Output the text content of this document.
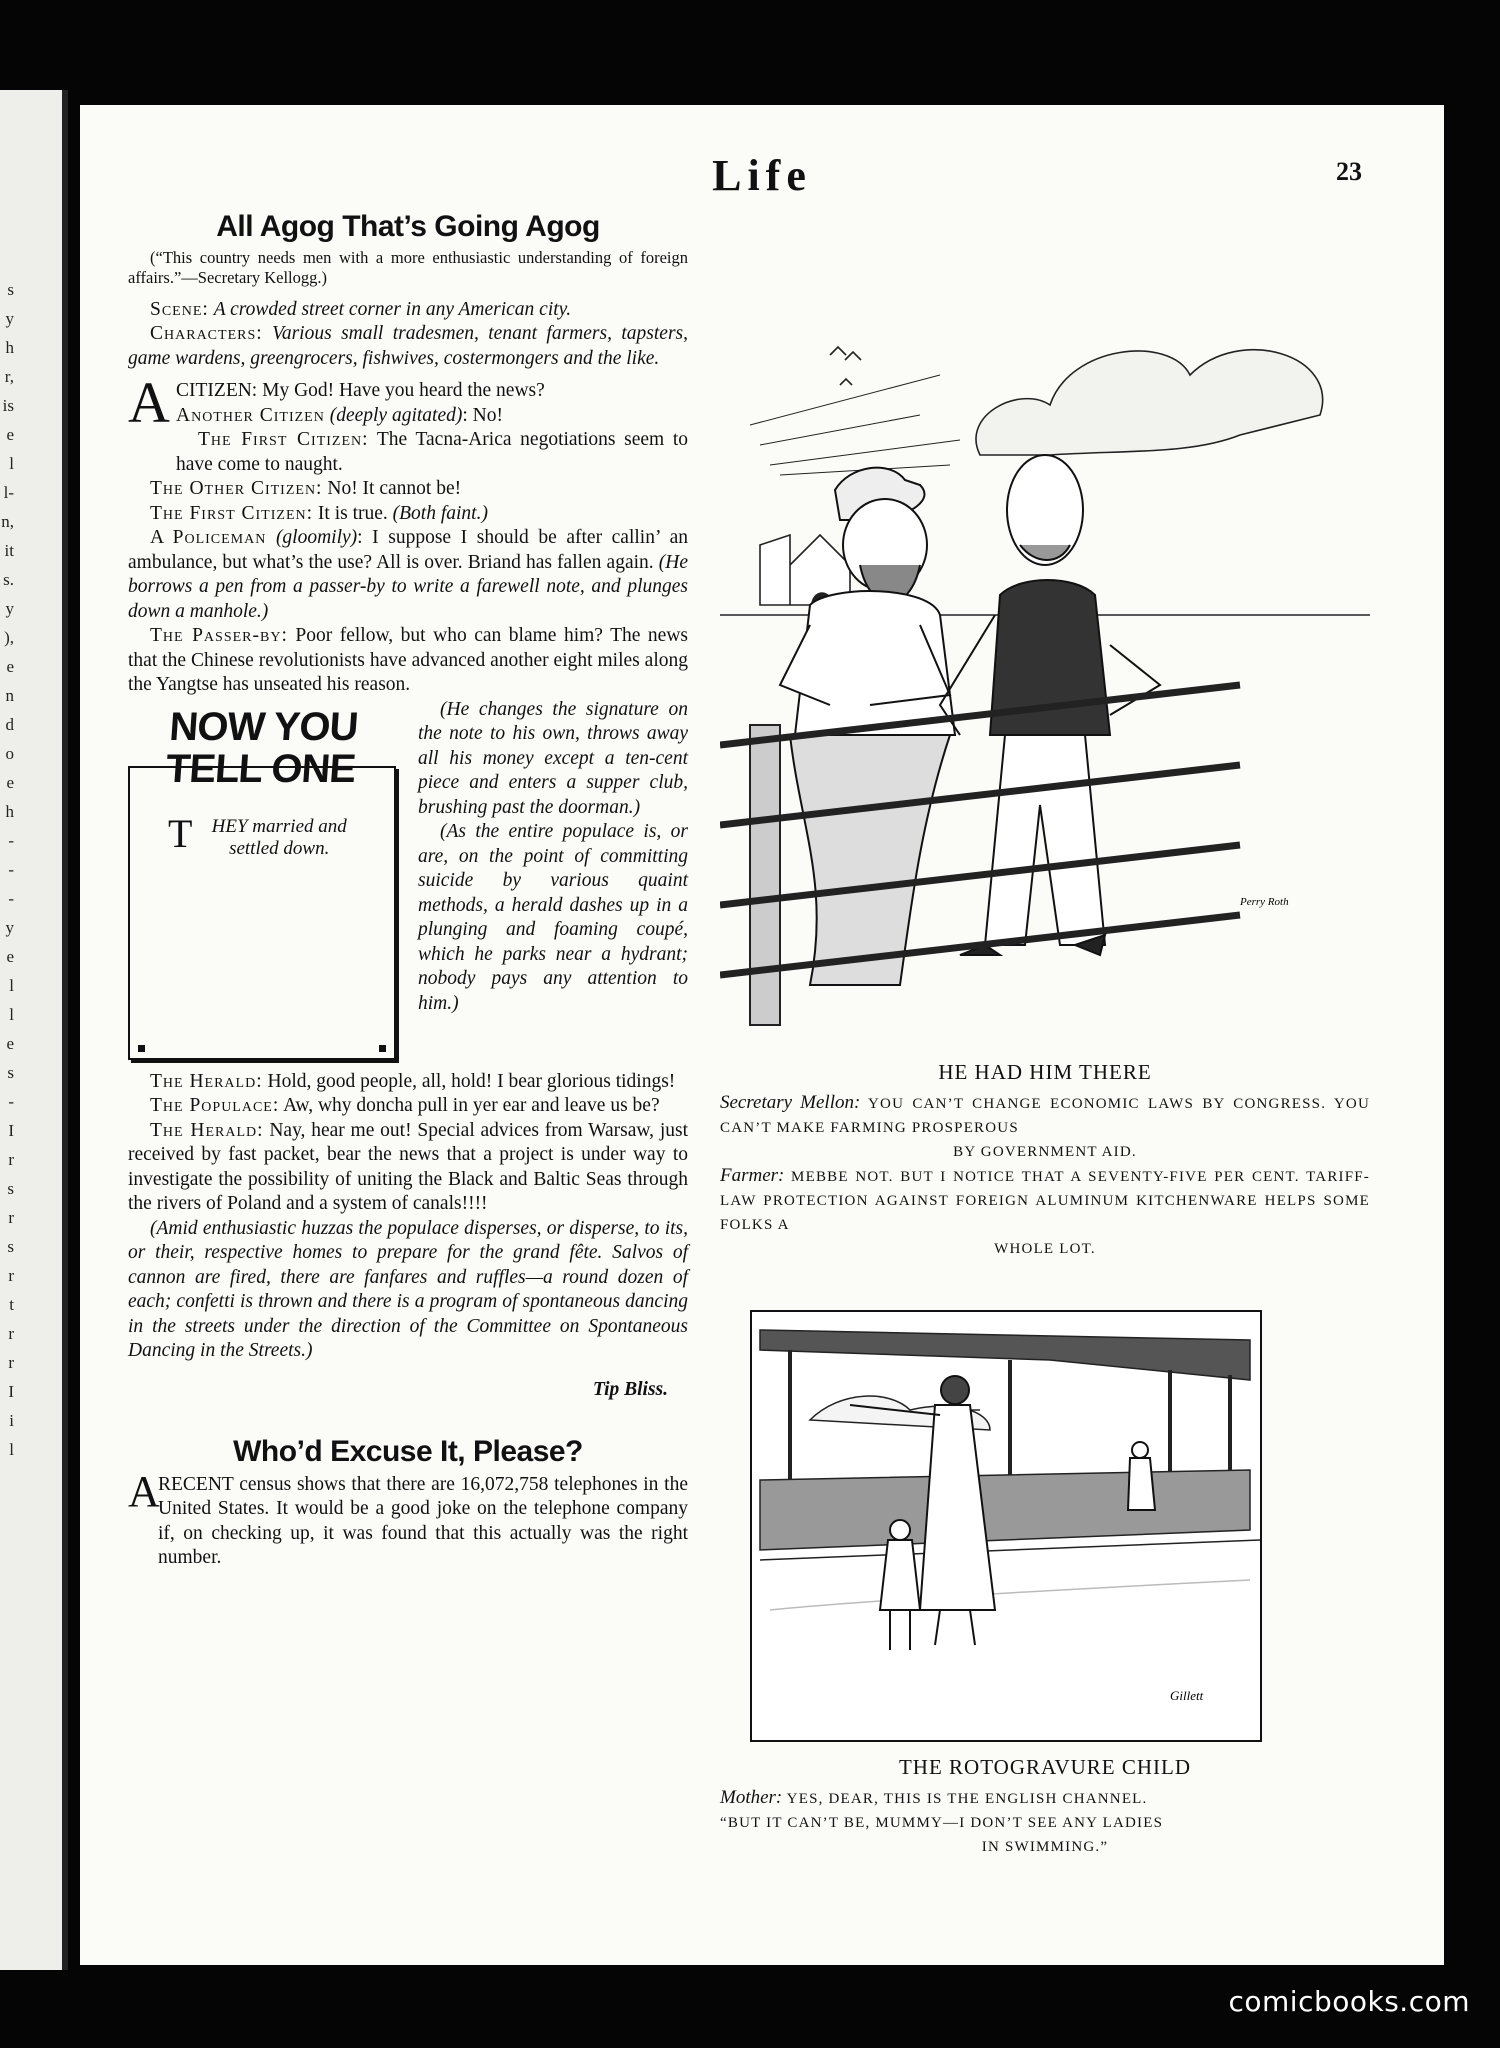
s
y
h
r,
is
e
l
l-
n,
it
s.
y
),
e
n
d
o
e
h
-
-
-
y
e
l
l
e
s
-
I
r
s
r
s
r
t
r
r
I
i
l
Life	23

All Agog That’s Going Agog

(“This country needs men with a more enthusiastic understanding of foreign affairs.”—Secretary Kellogg.)

Scene: A crowded street corner in any American city.

Characters: Various small tradesmen, tenant farmers, tapsters, game wardens, greengrocers, fishwives, costermongers and the like.

A CITIZEN: My God! Have you heard the news?
Another Citizen (deeply agitated): No!
The First Citizen: The Tacna-Arica negotiations seem to have come to naught.

The Other Citizen: No! It cannot be!

The First Citizen: It is true. (Both faint.)

A Policeman (gloomily): I suppose I should be after callin’ an ambulance, but what’s the use? All is over. Briand has fallen again. (He borrows a pen from a passer-by to write a farewell note, and plunges down a manhole.)

The Passer-by: Poor fellow, but who can blame him? The news that the Chinese revolutionists have advanced another eight miles along the Yangtse has unseated his reason.

NOW YOU
TELL ONE
T HEY married and settled down.

(He changes the signature on the note to his own, throws away all his money except a ten-cent piece and enters a supper club, brushing past the doorman.)

(As the entire populace is, or are, on the point of committing suicide by various quaint methods, a herald dashes up in a plunging and foaming coupé, which he parks near a hydrant; nobody pays any attention to him.)

The Herald: Hold, good people, all, hold! I bear glorious tidings!

The Populace: Aw, why doncha pull in yer ear and leave us be?

The Herald: Nay, hear me out! Special advices from Warsaw, just received by fast packet, bear the news that a project is under way to investigate the possibility of uniting the Black and Baltic Seas through the rivers of Poland and a system of canals!!!!

(Amid enthusiastic huzzas the populace disperses, or disperse, to its, or their, respective homes to prepare for the grand fête. Salvos of cannon are fired, there are fanfares and ruffles—a round dozen of each; confetti is thrown and there is a program of spontaneous dancing in the streets under the direction of the Committee on Spontaneous Dancing in the Streets.)

Tip Bliss.

Who’d Excuse It, Please?

A
RECENT census shows that there are 16,072,758 telephones in the United States. It would be a good joke on the telephone company if, on checking up, it was found that this actually was the right number.

Perry Roth
HE HAD HIM THERE
Secretary Mellon: YOU CAN’T CHANGE ECONOMIC LAWS BY CONGRESS. YOU CAN’T MAKE FARMING PROSPEROUS
BY GOVERNMENT AID.
Farmer: MEBBE NOT. BUT I NOTICE THAT A SEVENTY-FIVE PER CENT. TARIFF-LAW PROTECTION AGAINST FOREIGN ALUMINUM KITCHENWARE HELPS SOME FOLKS A
WHOLE LOT.
Gillett
THE ROTOGRAVURE CHILD
Mother: YES, DEAR, THIS IS THE ENGLISH CHANNEL.
“BUT IT CAN’T BE, MUMMY—I DON’T SEE ANY LADIES
IN SWIMMING.”
comicbooks.com
